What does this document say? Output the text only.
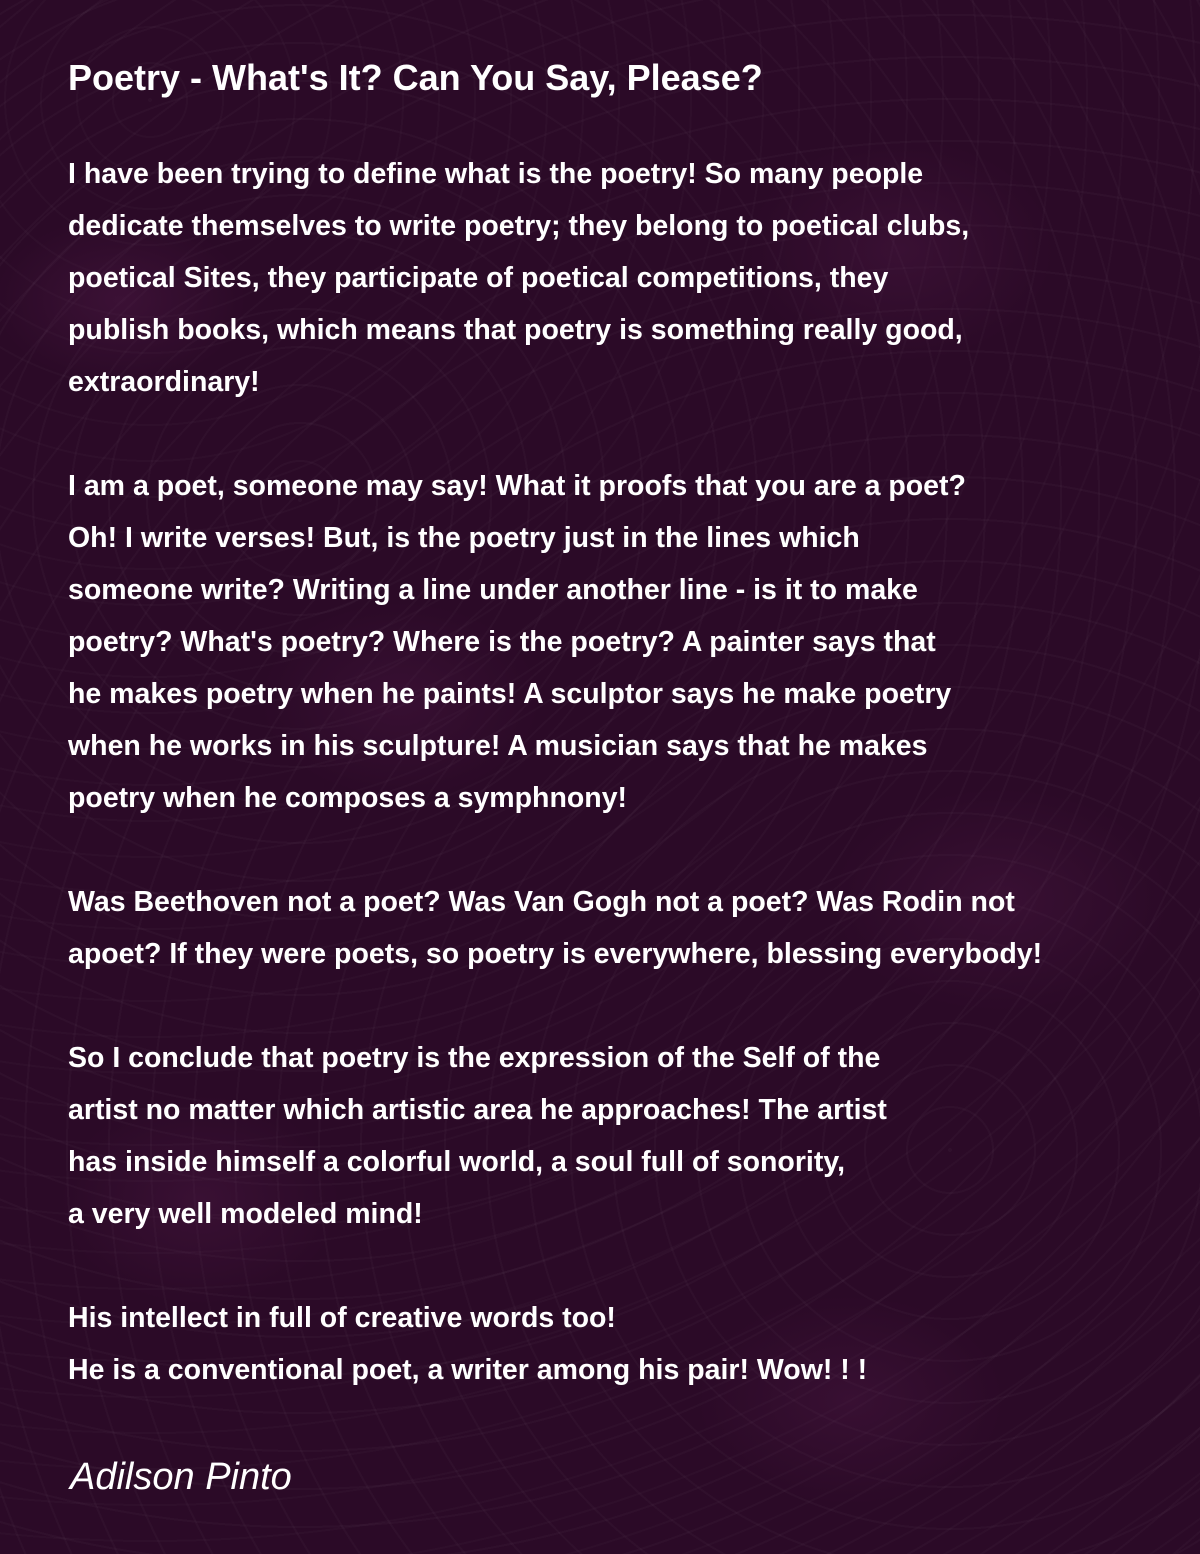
Poetry - What's It? Can You Say, Please?
I have been trying to define what is the poetry! So many people
dedicate themselves to write poetry; they belong to poetical clubs,
poetical Sites, they participate of poetical competitions, they
publish books, which means that poetry is something really good,
extraordinary!
I am a poet, someone may say! What it proofs that you are a poet?
Oh! I write verses! But, is the poetry just in the lines which
someone write? Writing a line under another line - is it to make
poetry? What's poetry? Where is the poetry? A painter says that
he makes poetry when he paints! A sculptor says he make poetry
when he works in his sculpture! A musician says that he makes
poetry when he composes a symphnony!
Was Beethoven not a poet? Was Van Gogh not a poet? Was Rodin not
apoet? If they were poets, so poetry is everywhere, blessing everybody!
So I conclude that poetry is the expression of the Self of the
artist no matter which artistic area he approaches! The artist
has inside himself a colorful world, a soul full of sonority,
a very well modeled mind!
His intellect in full of creative words too!
He is a conventional poet, a writer among his pair! Wow! ! !
Adilson Pinto
